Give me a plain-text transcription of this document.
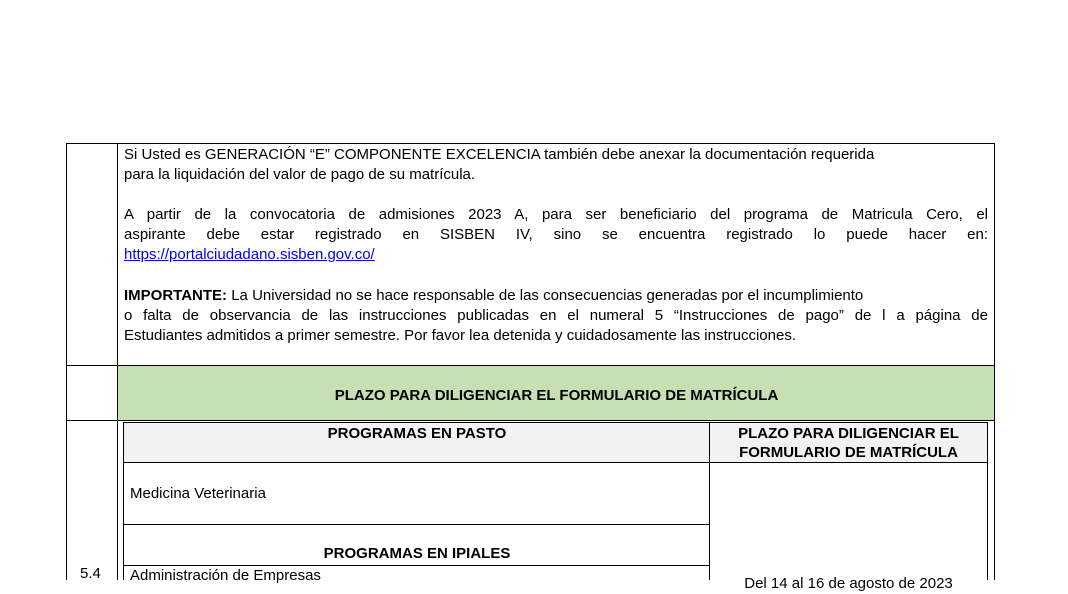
Si Usted es GENERACIÓN “E” COMPONENTE EXCELENCIA también debe anexar la documentación requerida
para la liquidación del valor de pago de su matrícula.
A partir de la convocatoria de admisiones 2023 A, para ser beneficiario del programa de Matricula Cero, el
aspirante debe estar registrado en SISBEN IV, sino se encuentra registrado lo puede hacer en:
https://portalciudadano.sisben.gov.co/
IMPORTANTE: La Universidad no se hace responsable de las consecuencias generadas por el incumplimiento
o falta de observancia de las instrucciones publicadas en el numeral 5 “Instrucciones de pago” de l a página de
Estudiantes admitidos a primer semestre. Por favor lea detenida y cuidadosamente las instrucciones.
PLAZO PARA DILIGENCIAR EL FORMULARIO DE MATRÍCULA
5.4
PROGRAMAS EN PASTO	PLAZO PARA DILIGENCIAR EL
FORMULARIO DE MATRÍCULA
Medicina Veterinaria
PROGRAMAS EN IPIALES
Administración de Empresas	Del 14 al 16 de agosto de 2023
